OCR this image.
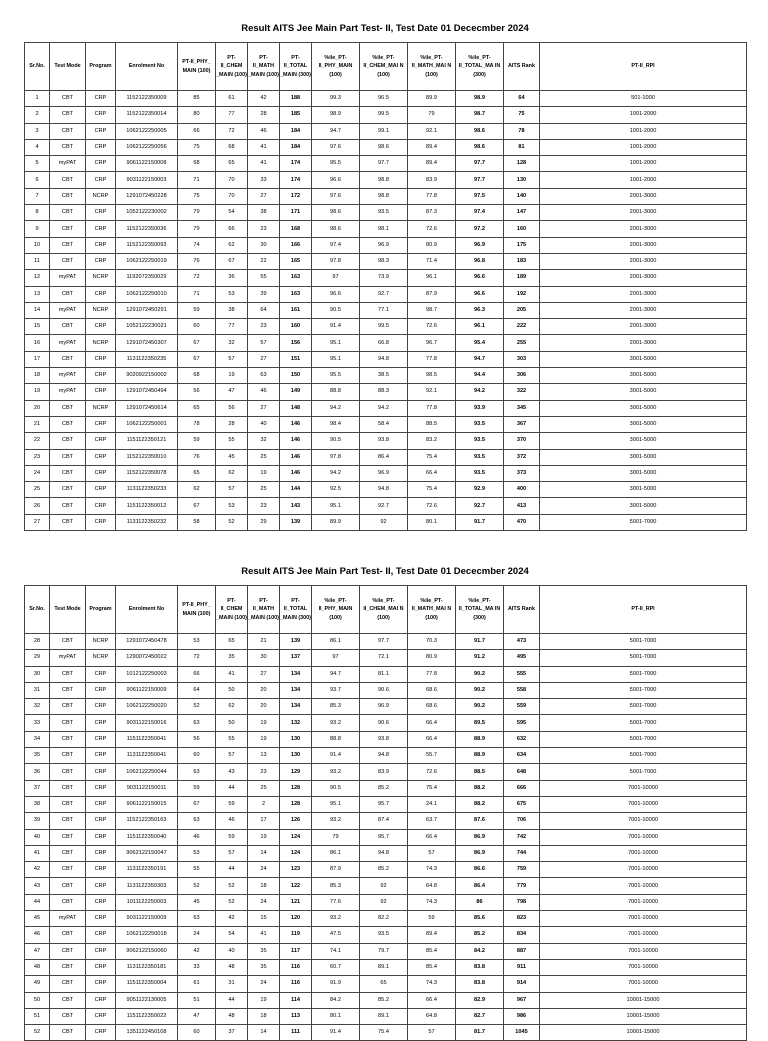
Result AITS Jee Main Part Test- II, Test Date 01 Dececmber 2024
Sr.No.	Test Mode	Program	Enrolment No	PT-II_PHY_ MAIN (100)	PT- II_CHEM _MAIN (100)	PT- II_MATH _MAIN (100)	PT- II_TOTAL _MAIN (300)	%ile_PT- II_PHY_MAIN (100)	%ile_PT- II_CHEM_MAI N (100)	%ile_PT- II_MATH_MAI N (100)	%ile_PT- II_TOTAL_MA IN (300)	AITS Rank	PT-II_RPI
1	CBT	CRP	1152122350009	85	61	42	188	99.3	96.5	89.9	98.9	64	501-1000
2	CBT	CRP	1152122350014	80	77	28	185	98.9	99.5	79	98.7	75	1001-2000
3	CBT	CRP	1062122250005	66	72	46	184	94.7	99.1	92.1	98.6	78	1001-2000
4	CBT	CRP	1062122250056	75	68	41	184	97.6	98.6	89.4	98.6	81	1001-2000
5	myPAT	CRP	9061122150008	68	65	41	174	95.5	97.7	89.4	97.7	128	1001-2000
6	CBT	CRP	9031122150003	71	70	33	174	96.6	98.8	83.9	97.7	130	1001-2000
7	CBT	NCRP	1291072450228	75	70	27	172	97.6	98.8	77.8	97.5	140	2001-3000
8	CBT	CRP	1052122230002	79	54	38	171	98.6	93.5	87.3	97.4	147	2001-3000
9	CBT	CRP	1152122350036	79	66	23	168	98.6	98.1	72.6	97.2	160	2001-3000
10	CBT	CRP	1152122350093	74	62	30	166	97.4	96.9	80.9	96.9	175	2001-3000
11	CBT	CRP	1062122250019	76	67	22	165	97.8	98.3	71.4	96.8	183	2001-3000
12	myPAT	NCRP	1192072350029	72	36	55	163	97	73.9	96.1	96.6	189	2001-3000
13	CBT	CRP	1062122250010	71	53	39	163	96.6	92.7	87.9	96.6	192	2001-3000
14	myPAT	NCRP	1291072450291	59	38	64	161	90.5	77.1	98.7	96.3	205	2001-3000
15	CBT	CRP	1052122230021	60	77	23	160	91.4	99.5	72.6	96.1	222	2001-3000
16	myPAT	NCRP	1291072450307	67	32	57	156	95.1	66.8	96.7	95.4	255	2001-3000
17	CBT	CRP	1131122350235	67	57	27	151	95.1	94.8	77.8	94.7	303	3001-5000
18	myPAT	CRP	9020922150002	68	19	63	150	95.5	38.5	98.5	94.4	306	3001-5000
19	myPAT	CRP	1291072450494	56	47	46	149	88.8	88.3	92.1	94.2	322	3001-5000
20	CBT	NCRP	1291072450614	65	56	27	148	94.2	94.2	77.8	93.9	345	3001-5000
21	CBT	CRP	1062122250001	78	28	40	146	98.4	58.4	88.5	93.5	367	3001-5000
22	CBT	CRP	1151122350121	59	55	32	146	90.5	93.8	83.2	93.5	370	3001-5000
23	CBT	CRP	1152122350010	76	45	25	146	97.8	86.4	75.4	93.5	372	3001-5000
24	CBT	CRP	1152122350078	65	62	19	146	94.2	96.9	66.4	93.5	373	3001-5000
25	CBT	CRP	1131122350233	62	57	25	144	92.5	94.8	75.4	92.9	400	3001-5000
26	CBT	CRP	1151122350012	67	53	23	143	95.1	92.7	72.6	92.7	413	3001-5000
27	CBT	CRP	1131122350232	58	52	29	139	89.9	92	80.1	91.7	470	5001-7000
Result AITS Jee Main Part Test- II, Test Date 01 Dececmber 2024
Sr.No.	Test Mode	Program	Enrolment No	PT-II_PHY_ MAIN (100)	PT- II_CHEM _MAIN (100)	PT- II_MATH _MAIN (100)	PT- II_TOTAL _MAIN (300)	%ile_PT- II_PHY_MAIN (100)	%ile_PT- II_CHEM_MAI N (100)	%ile_PT- II_MATH_MAI N (100)	%ile_PT- II_TOTAL_MA IN (300)	AITS Rank	PT-II_RPI
28	CBT	NCRP	1291072450478	53	65	21	139	86.1	97.7	70.3	91.7	473	5001-7000
29	myPAT	NCRP	1290072450022	72	35	30	137	97	72.1	80.9	91.2	495	5001-7000
30	CBT	CRP	1012122250003	66	41	27	134	94.7	81.1	77.8	90.2	555	5001-7000
31	CBT	CRP	9061122150009	64	50	20	134	93.7	90.6	68.6	90.2	558	5001-7000
32	CBT	CRP	1062122250020	52	62	20	134	85.3	96.9	68.6	90.2	559	5001-7000
33	CBT	CRP	9031122150016	63	50	19	132	93.2	90.6	66.4	89.5	595	5001-7000
34	CBT	CRP	1151122350041	56	55	19	130	88.8	93.8	66.4	88.9	632	5001-7000
35	CBT	CRP	1131122350041	60	57	13	130	91.4	94.8	55.7	88.9	634	5001-7000
36	CBT	CRP	1062122250044	63	43	23	129	93.2	83.9	72.6	88.5	648	5001-7000
37	CBT	CRP	9031122150011	59	44	25	128	90.5	85.2	75.4	88.2	666	7001-10000
38	CBT	CRP	9061122150015	67	59	2	128	95.1	95.7	24.1	88.2	675	7001-10000
39	CBT	CRP	1152122350163	63	46	17	126	93.2	87.4	63.7	87.6	706	7001-10000
40	CBT	CRP	1151122350040	46	59	19	124	79	95.7	66.4	86.9	742	7001-10000
41	CBT	CRP	9062122150047	53	57	14	124	86.1	94.8	57	86.9	744	7001-10000
42	CBT	CRP	1131122350191	55	44	24	123	87.9	85.2	74.3	86.6	759	7001-10000
43	CBT	CRP	1131122350303	52	52	18	122	85.3	92	64.8	86.4	779	7001-10000
44	CBT	CRP	1011122250003	45	52	24	121	77.6	92	74.3	86	798	7001-10000
45	myPAT	CRP	9031122150009	63	42	15	120	93.2	82.2	59	85.6	823	7001-10000
46	CBT	CRP	1062122250018	24	54	41	119	47.5	93.5	89.4	85.2	834	7001-10000
47	CBT	CRP	9062122150060	42	40	35	117	74.1	79.7	85.4	84.2	887	7001-10000
48	CBT	CRP	1131122350181	33	48	35	116	60.7	89.1	85.4	83.8	911	7001-10000
49	CBT	CRP	1151122350004	61	31	24	116	91.9	65	74.3	83.8	914	7001-10000
50	CBT	CRP	9051122130005	51	44	19	114	84.2	85.2	66.4	82.9	967	10001-15000
51	CBT	CRP	1151122350022	47	48	18	113	80.1	89.1	64.8	82.7	986	10001-15000
52	CBT	CRP	1351122450108	60	37	14	111	91.4	75.4	57	81.7	1045	10001-15000
